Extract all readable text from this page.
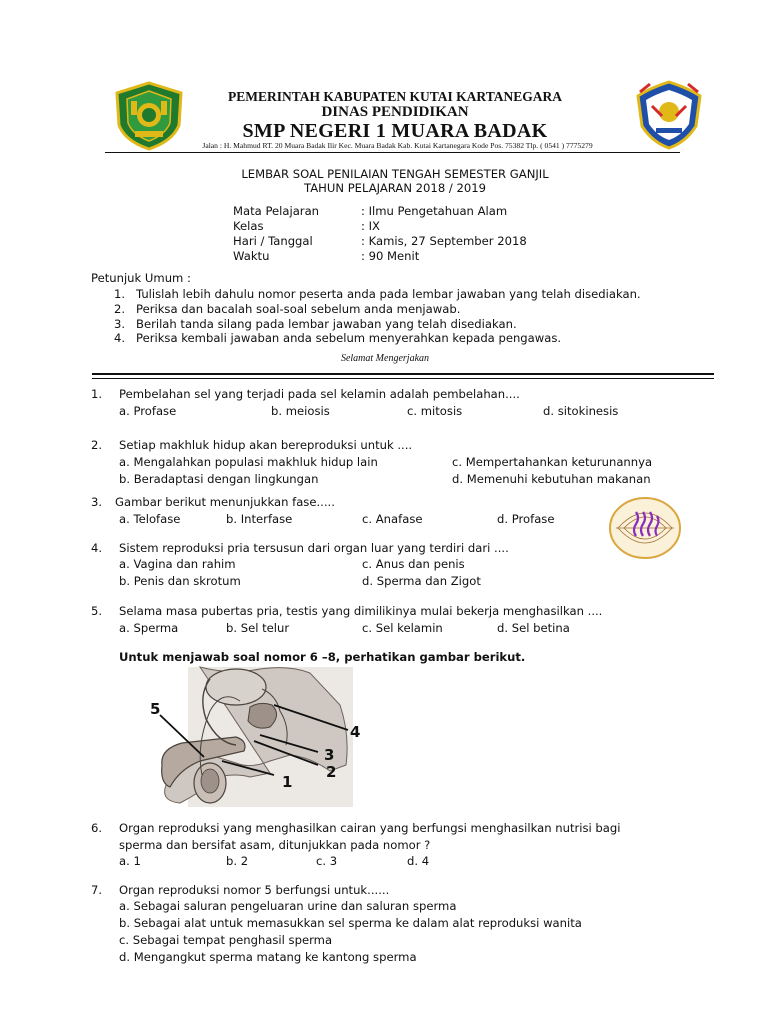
PEMERINTAH KABUPATEN KUTAI KARTANEGARA
DINAS PENDIDIKAN
SMP NEGERI 1 MUARA BADAK
Jalan : H. Mahmud RT. 20 Muara Badak Ilir Kec. Muara Badak Kab. Kutai Kartanegara Kode Pos. 75382 Tlp. ( 0541 ) 7775279
LEMBAR SOAL PENILAIAN TENGAH SEMESTER GANJIL
TAHUN PELAJARAN 2018 / 2019
Mata Pelajaran	: Ilmu Pengetahuan Alam
Kelas	: IX
Hari / Tanggal	: Kamis, 27 September 2018
Waktu	: 90 Menit
Petunjuk Umum :
1. Tulislah lebih dahulu nomor peserta anda pada lembar jawaban yang telah disediakan.
2. Periksa dan bacalah soal-soal sebelum anda menjawab.
3. Berilah tanda silang pada lembar jawaban yang telah disediakan.
4. Periksa kembali jawaban anda sebelum menyerahkan kepada pengawas.
Selamat Mengerjakan
1. Pembelahan sel yang terjadi pada sel kelamin adalah pembelahan....
a. Profase	b. meiosis	c. mitosis	d. sitokinesis
2. Setiap makhluk hidup akan bereproduksi untuk ....
a. Mengalahkan populasi makhluk hidup lain	c. Mempertahankan keturunannya
b. Beradaptasi dengan lingkungan	d. Memenuhi kebutuhan makanan
3. Gambar berikut menunjukkan fase.....
a. Telofase	b. Interfase	c. Anafase	d. Profase
4. Sistem reproduksi pria tersusun dari organ luar yang terdiri dari ....
a. Vagina dan rahim	c. Anus dan penis
b. Penis dan skrotum	d. Sperma dan Zigot
5. Selama masa pubertas pria, testis yang dimilikinya mulai bekerja menghasilkan ....
a. Sperma	b. Sel telur	c. Sel kelamin	d. Sel betina
Untuk menjawab soal nomor 6 –8, perhatikan gambar berikut.
5
4
3
2
1
6. Organ reproduksi yang menghasilkan cairan yang berfungsi menghasilkan nutrisi bagi
sperma dan bersifat asam, ditunjukkan pada nomor ?
a. 1	b. 2	c. 3	d. 4
7. Organ reproduksi nomor 5 berfungsi untuk......
a. Sebagai saluran pengeluaran urine dan saluran sperma
b. Sebagai alat untuk memasukkan sel sperma ke dalam alat reproduksi wanita
c. Sebagai tempat penghasil sperma
d. Mengangkut sperma matang ke kantong sperma
